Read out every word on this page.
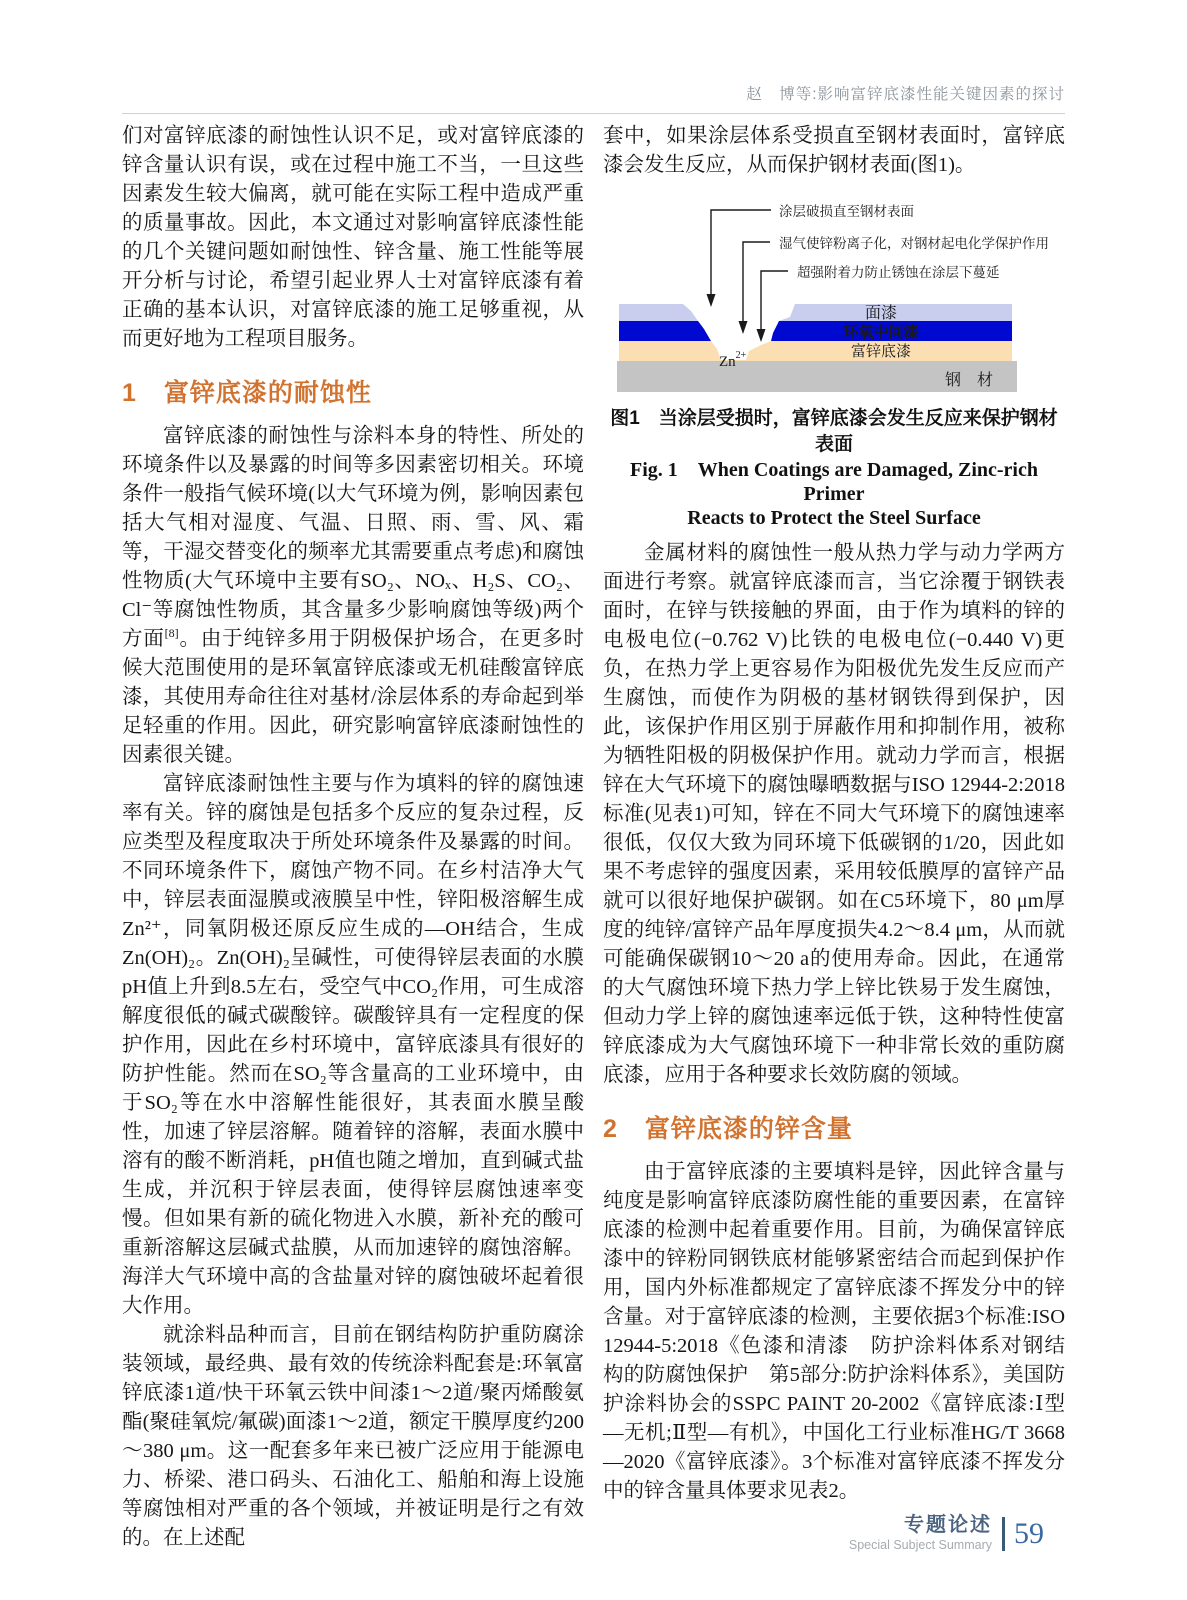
赵　博等:影响富锌底漆性能关键因素的探讨

们对富锌底漆的耐蚀性认识不足，或对富锌底漆的锌含量认识有误，或在过程中施工不当，一旦这些因素发生较大偏离，就可能在实际工程中造成严重的质量事故。因此，本文通过对影响富锌底漆性能的几个关键问题如耐蚀性、锌含量、施工性能等展开分析与讨论，希望引起业界人士对富锌底漆有着正确的基本认识，对富锌底漆的施工足够重视，从而更好地为工程项目服务。

1 富锌底漆的耐蚀性

富锌底漆的耐蚀性与涂料本身的特性、所处的环境条件以及暴露的时间等多因素密切相关。环境条件一般指气候环境(以大气环境为例，影响因素包括大气相对湿度、气温、日照、雨、雪、风、霜等，干湿交替变化的频率尤其需要重点考虑)和腐蚀性物质(大气环境中主要有SO₂、NOₓ、H₂S、CO₂、Cl⁻等腐蚀性物质，其含量多少影响腐蚀等级)两个方面[8]。由于纯锌多用于阴极保护场合，在更多时候大范围使用的是环氧富锌底漆或无机硅酸富锌底漆，其使用寿命往往对基材/涂层体系的寿命起到举足轻重的作用。因此，研究影响富锌底漆耐蚀性的因素很关键。

富锌底漆耐蚀性主要与作为填料的锌的腐蚀速率有关。锌的腐蚀是包括多个反应的复杂过程，反应类型及程度取决于所处环境条件及暴露的时间。不同环境条件下，腐蚀产物不同。在乡村洁净大气中，锌层表面湿膜或液膜呈中性，锌阳极溶解生成Zn²⁺，同氧阴极还原反应生成的—OH结合，生成Zn(OH)₂。Zn(OH)₂呈碱性，可使得锌层表面的水膜pH值上升到8.5左右，受空气中CO₂作用，可生成溶解度很低的碱式碳酸锌。碳酸锌具有一定程度的保护作用，因此在乡村环境中，富锌底漆具有很好的防护性能。然而在SO₂等含量高的工业环境中，由于SO₂等在水中溶解性能很好，其表面水膜呈酸性，加速了锌层溶解。随着锌的溶解，表面水膜中溶有的酸不断消耗，pH值也随之增加，直到碱式盐生成，并沉积于锌层表面，使得锌层腐蚀速率变慢。但如果有新的硫化物进入水膜，新补充的酸可重新溶解这层碱式盐膜，从而加速锌的腐蚀溶解。海洋大气环境中高的含盐量对锌的腐蚀破坏起着很大作用。

就涂料品种而言，目前在钢结构防护重防腐涂装领域，最经典、最有效的传统涂料配套是:环氧富锌底漆1道/快干环氧云铁中间漆1～2道/聚丙烯酸氨酯(聚硅氧烷/氟碳)面漆1～2道，额定干膜厚度约200～380 μm。这一配套多年来已被广泛应用于能源电力、桥梁、港口码头、石油化工、船舶和海上设施等腐蚀相对严重的各个领域，并被证明是行之有效的。在上述配

套中，如果涂层体系受损直至钢材表面时，富锌底漆会发生反应，从而保护钢材表面(图1)。

涂层破损直至钢材表面
湿气使锌粉离子化，对钢材起电化学保护作用
超强附着力防止锈蚀在涂层下蔓延
$Zn^{2+}$
面漆
环氧中间漆
富锌底漆
钢　材
图1　当涂层受损时，富锌底漆会发生反应来保护钢材表面
Fig. 1　When Coatings are Damaged, Zinc-rich Primer
Reacts to Protect the Steel Surface

金属材料的腐蚀性一般从热力学与动力学两方面进行考察。就富锌底漆而言，当它涂覆于钢铁表面时，在锌与铁接触的界面，由于作为填料的锌的电极电位(−0.762 V)比铁的电极电位(−0.440 V)更负，在热力学上更容易作为阳极优先发生反应而产生腐蚀，而使作为阴极的基材钢铁得到保护，因此，该保护作用区别于屏蔽作用和抑制作用，被称为牺牲阳极的阴极保护作用。就动力学而言，根据锌在大气环境下的腐蚀曝晒数据与ISO 12944-2:2018标准(见表1)可知，锌在不同大气环境下的腐蚀速率很低，仅仅大致为同环境下低碳钢的1/20，因此如果不考虑锌的强度因素，采用较低膜厚的富锌产品就可以很好地保护碳钢。如在C5环境下，80 μm厚度的纯锌/富锌产品年厚度损失4.2～8.4 μm，从而就可能确保碳钢10～20 a的使用寿命。因此，在通常的大气腐蚀环境下热力学上锌比铁易于发生腐蚀，但动力学上锌的腐蚀速率远低于铁，这种特性使富锌底漆成为大气腐蚀环境下一种非常长效的重防腐底漆，应用于各种要求长效防腐的领域。

2 富锌底漆的锌含量

由于富锌底漆的主要填料是锌，因此锌含量与纯度是影响富锌底漆防腐性能的重要因素，在富锌底漆的检测中起着重要作用。目前，为确保富锌底漆中的锌粉同钢铁底材能够紧密结合而起到保护作用，国内外标准都规定了富锌底漆不挥发分中的锌含量。对于富锌底漆的检测，主要依据3个标准:ISO 12944-5:2018《色漆和清漆　防护涂料体系对钢结构的防腐蚀保护　第5部分:防护涂料体系》，美国防护涂料协会的SSPC PAINT 20-2002《富锌底漆:Ⅰ型—无机;Ⅱ型—有机》，中国化工行业标准HG/T 3668—2020《富锌底漆》。3个标准对富锌底漆不挥发分中的锌含量具体要求见表2。

专题论述
Special Subject Summary 59
